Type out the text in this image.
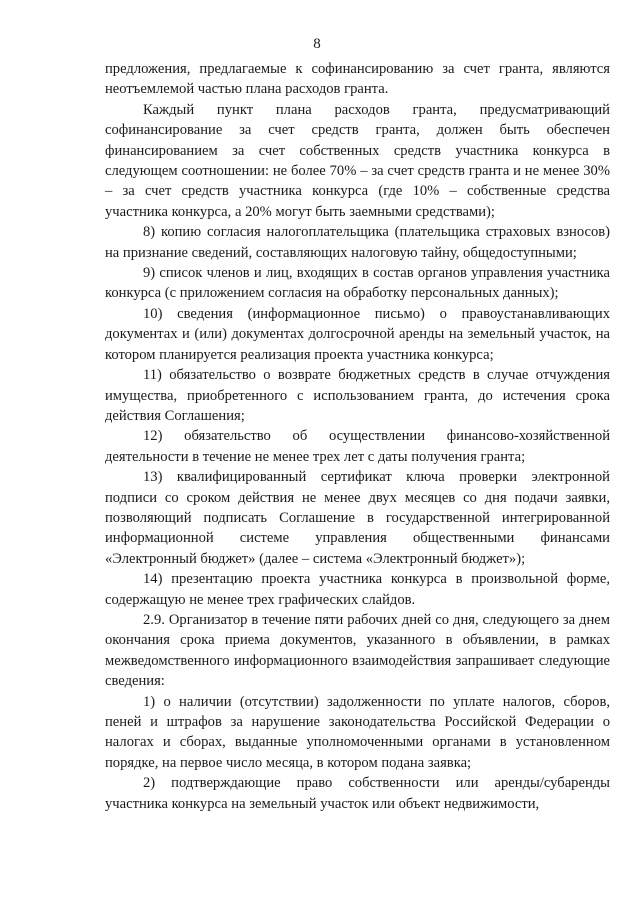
8

предложения, предлагаемые к софинансированию за счет гранта, являются неотъемлемой частью плана расходов гранта.

Каждый пункт плана расходов гранта, предусматривающий софинансирование за счет средств гранта, должен быть обеспечен финансированием за счет собственных средств участника конкурса в следующем соотношении: не более 70% – за счет средств гранта и не менее 30% – за счет средств участника конкурса (где 10% – собственные средства участника конкурса, а 20% могут быть заемными средствами);

8) копию согласия налогоплательщика (плательщика страховых взносов) на признание сведений, составляющих налоговую тайну, общедоступными;

9) список членов и лиц, входящих в состав органов управления участника конкурса (с приложением согласия на обработку персональных данных);

10) сведения (информационное письмо) о правоустанавливающих документах и (или) документах долгосрочной аренды на земельный участок, на котором планируется реализация проекта участника конкурса;

11) обязательство о возврате бюджетных средств в случае отчуждения имущества, приобретенного с использованием гранта, до истечения срока действия Соглашения;

12) обязательство об осуществлении финансово-хозяйственной деятельности в течение не менее трех лет с даты получения гранта;

13) квалифицированный сертификат ключа проверки электронной подписи со сроком действия не менее двух месяцев со дня подачи заявки, позволяющий подписать Соглашение в государственной интегрированной информационной системе управления общественными финансами «Электронный бюджет» (далее – система «Электронный бюджет»);

14) презентацию проекта участника конкурса в произвольной форме, содержащую не менее трех графических слайдов.

2.9. Организатор в течение пяти рабочих дней со дня, следующего за днем окончания срока приема документов, указанного в объявлении, в рамках межведомственного информационного взаимодействия запрашивает следующие сведения:

1) о наличии (отсутствии) задолженности по уплате налогов, сборов, пеней и штрафов за нарушение законодательства Российской Федерации о налогах и сборах, выданные уполномоченными органами в установленном порядке, на первое число месяца, в котором подана заявка;

2) подтверждающие право собственности или аренды/субаренды участника конкурса на земельный участок или объект недвижимости,
